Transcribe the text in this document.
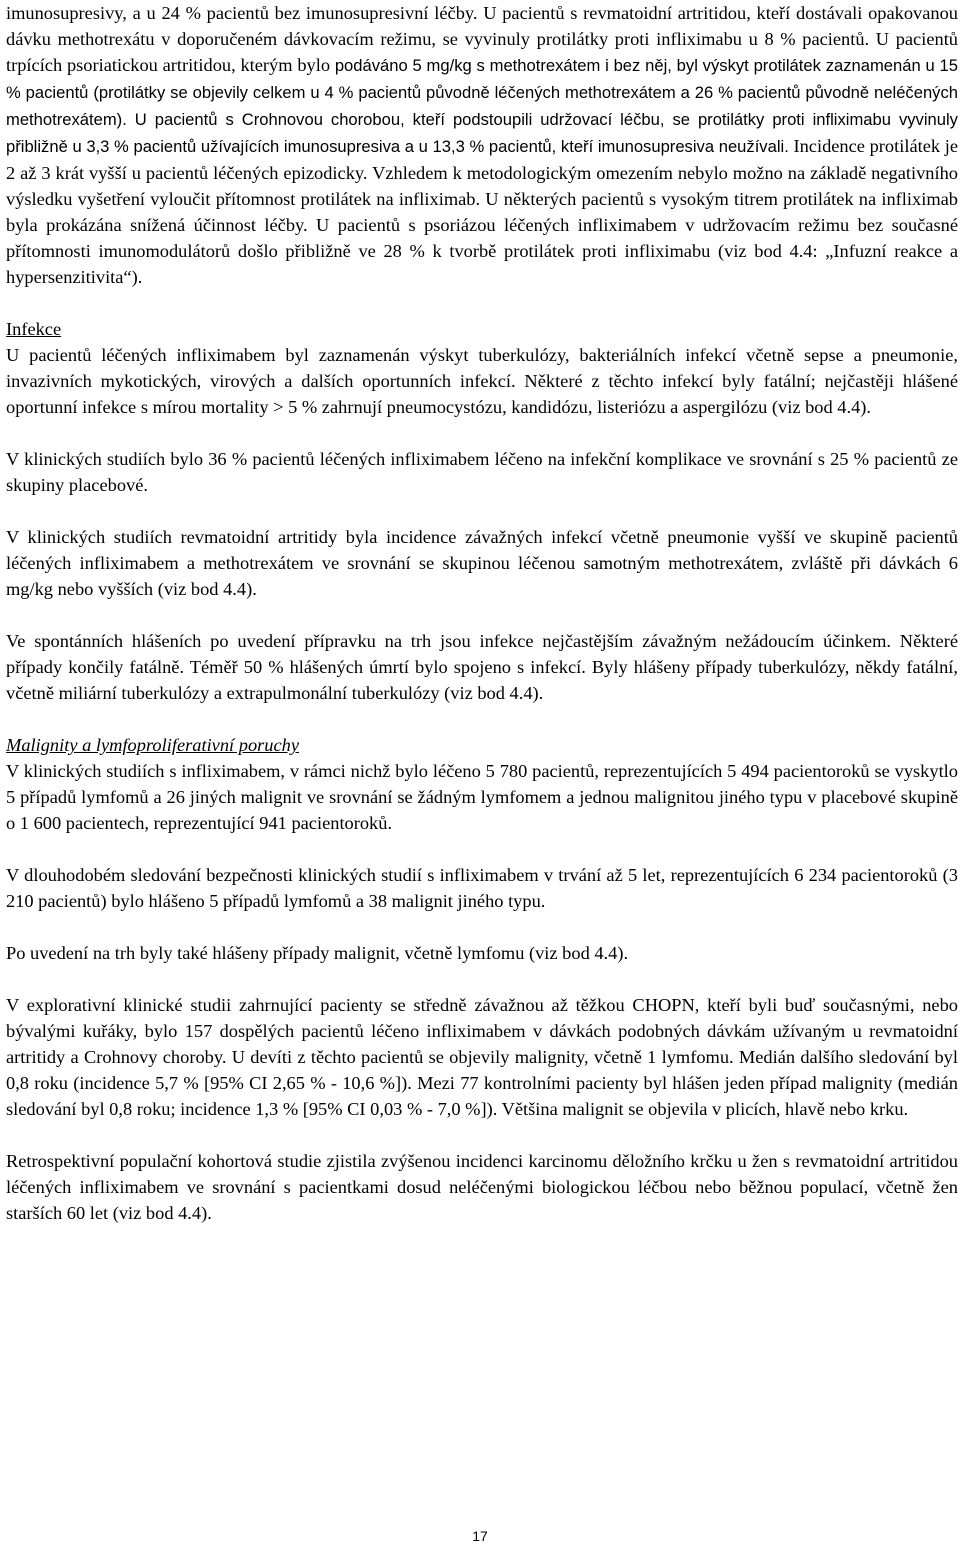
imunosupresivy, a u 24 % pacientů bez imunosupresivní léčby. U pacientů s revmatoidní artritidou, kteří dostávali opakovanou dávku methotrexátu v doporučeném dávkovacím režimu, se vyvinuly protilátky proti infliximabu u 8 % pacientů. U pacientů trpících psoriatickou artritidou, kterým bylo podáváno 5 mg/kg s methotrexátem i bez něj, byl výskyt protilátek zaznamenán u 15 % pacientů (protilátky se objevily celkem u 4 % pacientů původně léčených methotrexátem a 26 % pacientů původně neléčených methotrexátem). U pacientů s Crohnovou chorobou, kteří podstoupili udržovací léčbu, se protilátky proti infliximabu vyvinuly přibližně u 3,3 % pacientů užívajících imunosupresiva a u 13,3 % pacientů, kteří imunosupresiva neužívali. Incidence protilátek je 2 až 3 krát vyšší u pacientů léčených epizodicky. Vzhledem k metodologickým omezením nebylo možno na základě negativního výsledku vyšetření vyloučit přítomnost protilátek na infliximab. U některých pacientů s vysokým titrem protilátek na infliximab byla prokázána snížená účinnost léčby. U pacientů s psoriázou léčených infliximabem v udržovacím režimu bez současné přítomnosti imunomodulátorů došlo přibližně ve 28 % k tvorbě protilátek proti infliximabu (viz bod 4.4: „Infuzní reakce a hypersenzitivita“).

Infekce

U pacientů léčených infliximabem byl zaznamenán výskyt tuberkulózy, bakteriálních infekcí včetně sepse a pneumonie, invazivních mykotických, virových a dalších oportunních infekcí. Některé z těchto infekcí byly fatální; nejčastěji hlášené oportunní infekce s mírou mortality > 5 % zahrnují pneumocystózu, kandidózu, listeriózu a aspergilózu (viz bod 4.4).

V klinických studiích bylo 36 % pacientů léčených infliximabem léčeno na infekční komplikace ve srovnání s 25 % pacientů ze skupiny placebové.

V klinických studiích revmatoidní artritidy byla incidence závažných infekcí včetně pneumonie vyšší ve skupině pacientů léčených infliximabem a methotrexátem ve srovnání se skupinou léčenou samotným methotrexátem, zvláště při dávkách 6 mg/kg nebo vyšších (viz bod 4.4).

Ve spontánních hlášeních po uvedení přípravku na trh jsou infekce nejčastějším závažným nežádoucím účinkem. Některé případy končily fatálně. Téměř 50 % hlášených úmrtí bylo spojeno s infekcí. Byly hlášeny případy tuberkulózy, někdy fatální, včetně miliární tuberkulózy a extrapulmonální tuberkulózy (viz bod 4.4).

Malignity a lymfoproliferativní poruchy

V klinických studiích s infliximabem, v rámci nichž bylo léčeno 5 780 pacientů, reprezentujících 5 494 pacientoroků se vyskytlo 5 případů lymfomů a 26 jiných malignit ve srovnání se žádným lymfomem a jednou malignitou jiného typu v placebové skupině o 1 600 pacientech, reprezentující 941 pacientoroků.

V dlouhodobém sledování bezpečnosti klinických studií s infliximabem v trvání až 5 let, reprezentujících 6 234 pacientoroků (3 210 pacientů) bylo hlášeno 5 případů lymfomů a 38 malignit jiného typu.

Po uvedení na trh byly také hlášeny případy malignit, včetně lymfomu (viz bod 4.4).

V explorativní klinické studii zahrnující pacienty se středně závažnou až těžkou CHOPN, kteří byli buď současnými, nebo bývalými kuřáky, bylo 157 dospělých pacientů léčeno infliximabem v dávkách podobných dávkám užívaným u revmatoidní artritidy a Crohnovy choroby. U devíti z těchto pacientů se objevily malignity, včetně 1 lymfomu. Medián dalšího sledování byl 0,8 roku (incidence 5,7 % [95% CI 2,65 % - 10,6 %]). Mezi 77 kontrolními pacienty byl hlášen jeden případ malignity (medián sledování byl 0,8 roku; incidence 1,3 % [95% CI 0,03 % - 7,0 %]). Většina malignit se objevila v plicích, hlavě nebo krku.

Retrospektivní populační kohortová studie zjistila zvýšenou incidenci karcinomu děložního krčku u žen s revmatoidní artritidou léčených infliximabem ve srovnání s pacientkami dosud neléčenými biologickou léčbou nebo běžnou populací, včetně žen starších 60 let (viz bod 4.4).

17
